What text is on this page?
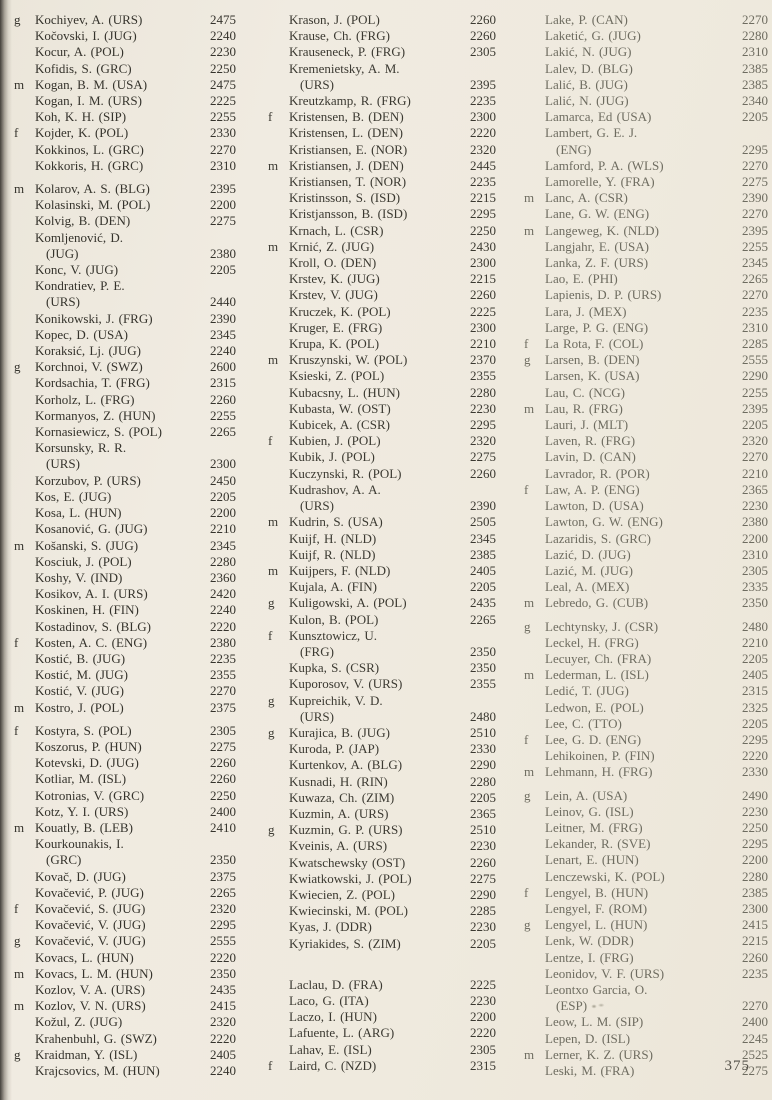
g	Kochiyev, A. (URS)	2475
Kočovski, I. (JUG)	2240
Kocur, A. (POL)	2230
Kofidis, S. (GRC)	2250
m Kogan, B. M. (USA)	2475
Kogan, I. M. (URS)	2225
Koh, K. H. (SIP)	2255
f	Kojder, K. (POL)	2330
Kokkinos, L. (GRC)	2270
Kokkoris, H. (GRC)	2310
m Kolarov, A. S. (BLG)	2395
Kolasinski, M. (POL)	2200
Kolvig, B. (DEN)	2275
Komljenović, D.
(JUG)	2380
Konc, V. (JUG)	2205
Kondratiev, P. E.
(URS)	2440
Konikowski, J. (FRG)	2390
Kopec, D. (USA)	2345
Koraksić, Lj. (JUG)	2240
g	Korchnoi, V. (SWZ)	2600
Kordsachia, T. (FRG)	2315
Korholz, L. (FRG)	2260
Kormanyos, Z. (HUN)	2255
Kornasiewicz, S. (POL)	2265
Korsunsky, R. R.
(URS)	2300
Korzubov, P. (URS)	2450
Kos, E. (JUG)	2205
Kosa, L. (HUN)	2200
Kosanović, G. (JUG)	2210
m Košanski, S. (JUG)	2345
Kosciuk, J. (POL)	2280
Koshy, V. (IND)	2360
Kosikov, A. I. (URS)	2420
Koskinen, H. (FIN)	2240
Kostadinov, S. (BLG)	2220
f	Kosten, A. C. (ENG)	2380
Kostić, B. (JUG)	2235
Kostić, M. (JUG)	2355
Kostić, V. (JUG)	2270
m Kostro, J. (POL)	2375
f	Kostyra, S. (POL)	2305
Koszorus, P. (HUN)	2275
Kotevski, D. (JUG)	2260
Kotliar, M. (ISL)	2260
Kotronias, V. (GRC)	2250
Kotz, Y. I. (URS)	2400
m Kouatly, B. (LEB)	2410
Kourkounakis, I.
(GRC)	2350
Kovač, D. (JUG)	2375
Kovačević, P. (JUG)	2265
f	Kovačević, S. (JUG)	2320
Kovačević, V. (JUG)	2295
g	Kovačević, V. (JUG)	2555
Kovacs, L. (HUN)	2220
m Kovacs, L. M. (HUN)	2350
Kozlov, V. A. (URS)	2435
m Kozlov, V. N. (URS)	2415
Kožul, Z. (JUG)	2320
Krahenbuhl, G. (SWZ)	2220
g	Kraidman, Y. (ISL)	2405
Krajcsovics, M. (HUN)	2240
Krason, J. (POL)	2260
Krause, Ch. (FRG)	2260
Krauseneck, P. (FRG)	2305
Kremenietsky, A. M.
(URS)	2395
Kreutzkamp, R. (FRG)	2235
f	Kristensen, B. (DEN)	2300
Kristensen, L. (DEN)	2220
Kristiansen, E. (NOR)	2320
m Kristiansen, J. (DEN)	2445
Kristiansen, T. (NOR)	2235
Kristinsson, S. (ISD)	2215
Kristjansson, B. (ISD)	2295
Krnach, L. (CSR)	2250
m Krnić, Z. (JUG)	2430
Kroll, O. (DEN)	2300
Krstev, K. (JUG)	2215
Krstev, V. (JUG)	2260
Kruczek, K. (POL)	2225
Kruger, E. (FRG)	2300
Krupa, K. (POL)	2210
m Kruszynski, W. (POL)	2370
Ksieski, Z. (POL)	2355
Kubacsny, L. (HUN)	2280
Kubasta, W. (OST)	2230
Kubicek, A. (CSR)	2295
f	Kubien, J. (POL)	2320
Kubik, J. (POL)	2275
Kuczynski, R. (POL)	2260
Kudrashov, A. A.
(URS)	2390
m Kudrin, S. (USA)	2505
Kuijf, H. (NLD)	2345
Kuijf, R. (NLD)	2385
m Kuijpers, F. (NLD)	2405
Kujala, A. (FIN)	2205
g	Kuligowski, A. (POL)	2435
Kulon, B. (POL)	2265
f	Kunsztowicz, U.
(FRG)	2350
Kupka, S. (CSR)	2350
Kuporosov, V. (URS)	2355
g	Kupreichik, V. D.
(URS)	2480
g	Kurajica, B. (JUG)	2510
Kuroda, P. (JAP)	2330
Kurtenkov, A. (BLG)	2290
Kusnadi, H. (RIN)	2280
Kuwaza, Ch. (ZIM)	2205
Kuzmin, A. (URS)	2365
g	Kuzmin, G. P. (URS)	2510
Kveinis, A. (URS)	2230
Kwatschewsky (OST)	2260
Kwiatkowski, J. (POL)	2275
Kwiecien, Z. (POL)	2290
Kwiecinski, M. (POL)	2285
Kyas, J. (DDR)	2230
Kyriakides, S. (ZIM)	2205
Laclau, D. (FRA)	2225
Laco, G. (ITA)	2230
Laczo, I. (HUN)	2200
Lafuente, L. (ARG)	2220
Lahav, E. (ISL)	2305
f	Laird, C. (NZD)	2315
Lake, P. (CAN)	2270
Laketić, G. (JUG)	2280
Lakić, N. (JUG)	2310
Lalev, D. (BLG)	2385
Lalić, B. (JUG)	2385
Lalić, N. (JUG)	2340
Lamarca, Ed (USA)	2205
Lambert, G. E. J.
(ENG)	2295
Lamford, P. A. (WLS)	2270
Lamorelle, Y. (FRA)	2275
m Lanc, A. (CSR)	2390
Lane, G. W. (ENG)	2270
m Langeweg, K. (NLD)	2395
Langjahr, E. (USA)	2255
Lanka, Z. F. (URS)	2345
Lao, E. (PHI)	2265
Lapienis, D. P. (URS)	2270
Lara, J. (MEX)	2235
Large, P. G. (ENG)	2310
f	La Rota, F. (COL)	2285
g	Larsen, B. (DEN)	2555
Larsen, K. (USA)	2290
Lau, C. (NCG)	2255
m Lau, R. (FRG)	2395
Lauri, J. (MLT)	2205
Laven, R. (FRG)	2320
Lavin, D. (CAN)	2270
Lavrador, R. (POR)	2210
f	Law, A. P. (ENG)	2365
Lawton, D. (USA)	2230
Lawton, G. W. (ENG)	2380
Lazaridis, S. (GRC)	2200
Lazić, D. (JUG)	2310
Lazić, M. (JUG)	2305
Leal, A. (MEX)	2335
m Lebredo, G. (CUB)	2350
g	Lechtynsky, J. (CSR)	2480
Leckel, H. (FRG)	2210
Lecuyer, Ch. (FRA)	2205
m Lederman, L. (ISL)	2405
Ledić, T. (JUG)	2315
Ledwon, E. (POL)	2325
Lee, C. (TTO)	2205
f	Lee, G. D. (ENG)	2295
Lehikoinen, P. (FIN)	2220
m Lehmann, H. (FRG)	2330
g	Lein, A. (USA)	2490
Leinov, G. (ISL)	2230
Leitner, M. (FRG)	2250
Lekander, R. (SVE)	2295
Lenart, E. (HUN)	2200
Lenczewski, K. (POL)	2280
f	Lengyel, B. (HUN)	2385
Lengyel, F. (ROM)	2300
g	Lengyel, L. (HUN)	2415
Lenk, W. (DDR)	2215
Lentze, I. (FRG)	2260
Leonidov, V. F. (URS)	2235
Leontxo Garcia, O.
(ESP)	2270
Leow, L. M. (SIP)	2400
Lepen, D. (ISL)	2245
m Lerner, K. Z. (URS)	2525
Leski, M. (FRA)	2275
375
